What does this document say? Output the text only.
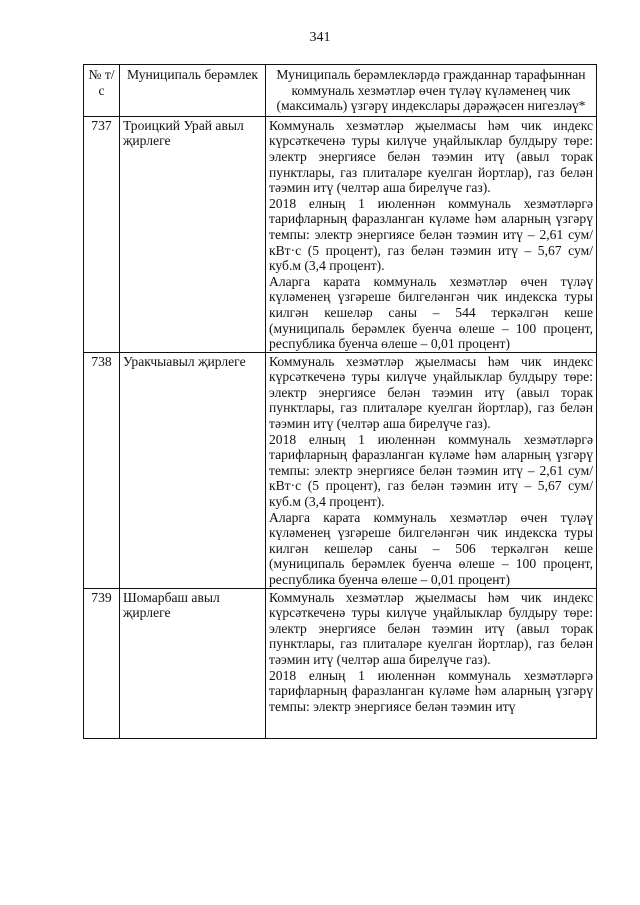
341
№ т/с	Муниципаль берәмлек	Муниципаль берәмлекләрдә гражданнар тарафыннан коммуналь хезмәтләр өчен түләү күләменең чик (максималь) үзгәрү индекслары дәрәҗәсен нигезләү*
737	Троицкий Урай авыл җирлеге	Коммуналь хезмәтләр җыелмасы һәм чик индекс күрсәткеченә туры килүче уңайлыклар булдыру төре: электр энергиясе белән тәэмин итү (авыл торак пунктлары, газ плиталәре куелган йортлар), газ белән тәэмин итү (челтәр аша бирелүче газ).

2018 елның 1 июленнән коммуналь хезмәтләргә тарифларның фаразланган күләме һәм аларның үзгәрү темпы: электр энергиясе белән тәэмин итү – 2,61 сум/кВт·с (5 процент), газ белән тәэмин итү – 5,67 сум/куб.м (3,4 процент).

Аларга карата коммуналь хезмәтләр өчен түләү күләменең үзгәреше билгеләнгән чик индекска туры килгән кешеләр саны – 544 теркәлгән кеше (муниципаль берәмлек буенча өлеше – 100 процент, республика буенча өлеше – 0,01 процент)

738	Уракчыавыл җирлеге	Коммуналь хезмәтләр җыелмасы һәм чик индекс күрсәткеченә туры килүче уңайлыклар булдыру төре: электр энергиясе белән тәэмин итү (авыл торак пунктлары, газ плиталәре куелган йортлар), газ белән тәэмин итү (челтәр аша бирелүче газ).

2018 елның 1 июленнән коммуналь хезмәтләргә тарифларның фаразланган күләме һәм аларның үзгәрү темпы: электр энергиясе белән тәэмин итү – 2,61 сум/кВт·с (5 процент), газ белән тәэмин итү – 5,67 сум/куб.м (3,4 процент).

Аларга карата коммуналь хезмәтләр өчен түләү күләменең үзгәреше билгеләнгән чик индекска туры килгән кешеләр саны – 506 теркәлгән кеше (муниципаль берәмлек буенча өлеше – 100 процент, республика буенча өлеше – 0,01 процент)

739	Шомарбаш авыл җирлеге	Коммуналь хезмәтләр җыелмасы һәм чик индекс күрсәткеченә туры килүче уңайлыклар булдыру төре: электр энергиясе белән тәэмин итү (авыл торак пунктлары, газ плиталәре куелган йортлар), газ белән тәэмин итү (челтәр аша бирелүче газ).

2018 елның 1 июленнән коммуналь хезмәтләргә тарифларның фаразланган күләме һәм аларның үзгәрү темпы: электр энергиясе белән тәэмин итү
